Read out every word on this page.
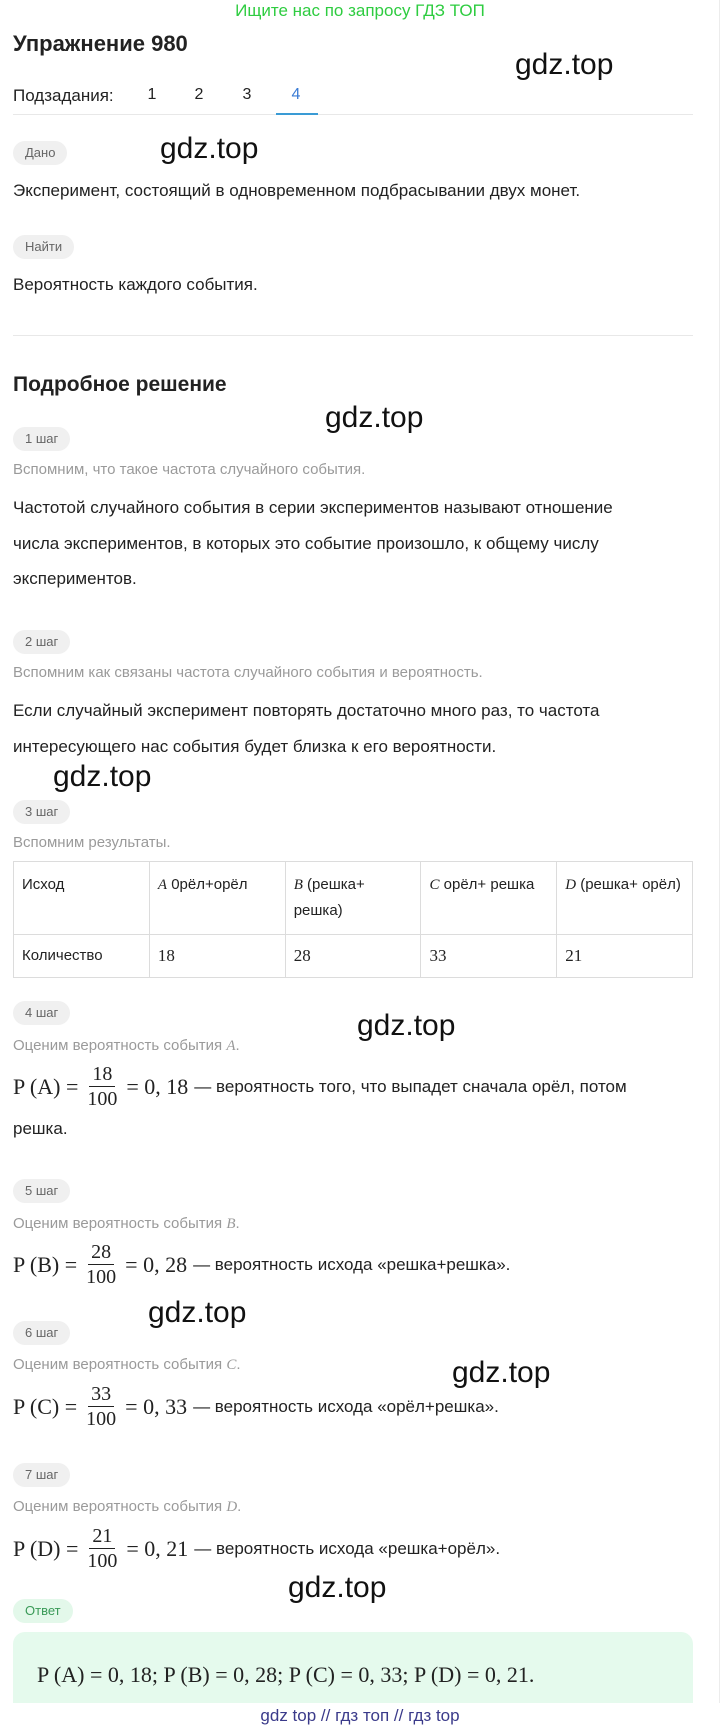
Ищите нас по запросу ГДЗ ТОП
Упражнение 980
gdz.top
Подзадания:	1	2	3	4
Дано	gdz.top
Эксперимент, состоящий в одновременном подбрасывании двух монет.
Найти
Вероятность каждого события.
Подробное решение
gdz.top
1 шаг
Вспомним, что такое частота случайного события.
Частотой случайного события в серии экспериментов называют отношение
числа экспериментов, в которых это событие произошло, к общему числу
экспериментов.
2 шаг
Вспомним как связаны частота случайного события и вероятность.
Если случайный эксперимент повторять достаточно много раз, то частота
интересующего нас события будет близка к его вероятности.
gdz.top
3 шаг
Вспомним результаты.
Исход	A 0рёл+орёл	B (решка+ решка)	C орёл+ решка	D (решка+ орёл)
Количество	18	28	33	21
4 шаг	gdz.top
Оценим вероятность события A.
P $(A) = \frac{18}{100} = 0$, 18 — вероятность того, что выпадет сначала орёл, потом
решка.
5 шаг
Оценим вероятность события B.
P $(B) = \frac{28}{100} = 0$, 28 — вероятность исхода «решка+решка».
gdz.top
6 шаг
gdz.top
Оценим вероятность события C.
P $(C) = \frac{33}{100} = 0$, 33 — вероятность исхода «орёл+решка».
7 шаг
Оценим вероятность события D.
P $(D) = \frac{21}{100} = 0$, 21 — вероятность исхода «решка+орёл».
gdz.top
Ответ
P (A) = 0, 18; P (B) = 0, 28; P (C) = 0, 33; P (D) = 0, 21.
gdz top // гдз топ // гдз top
